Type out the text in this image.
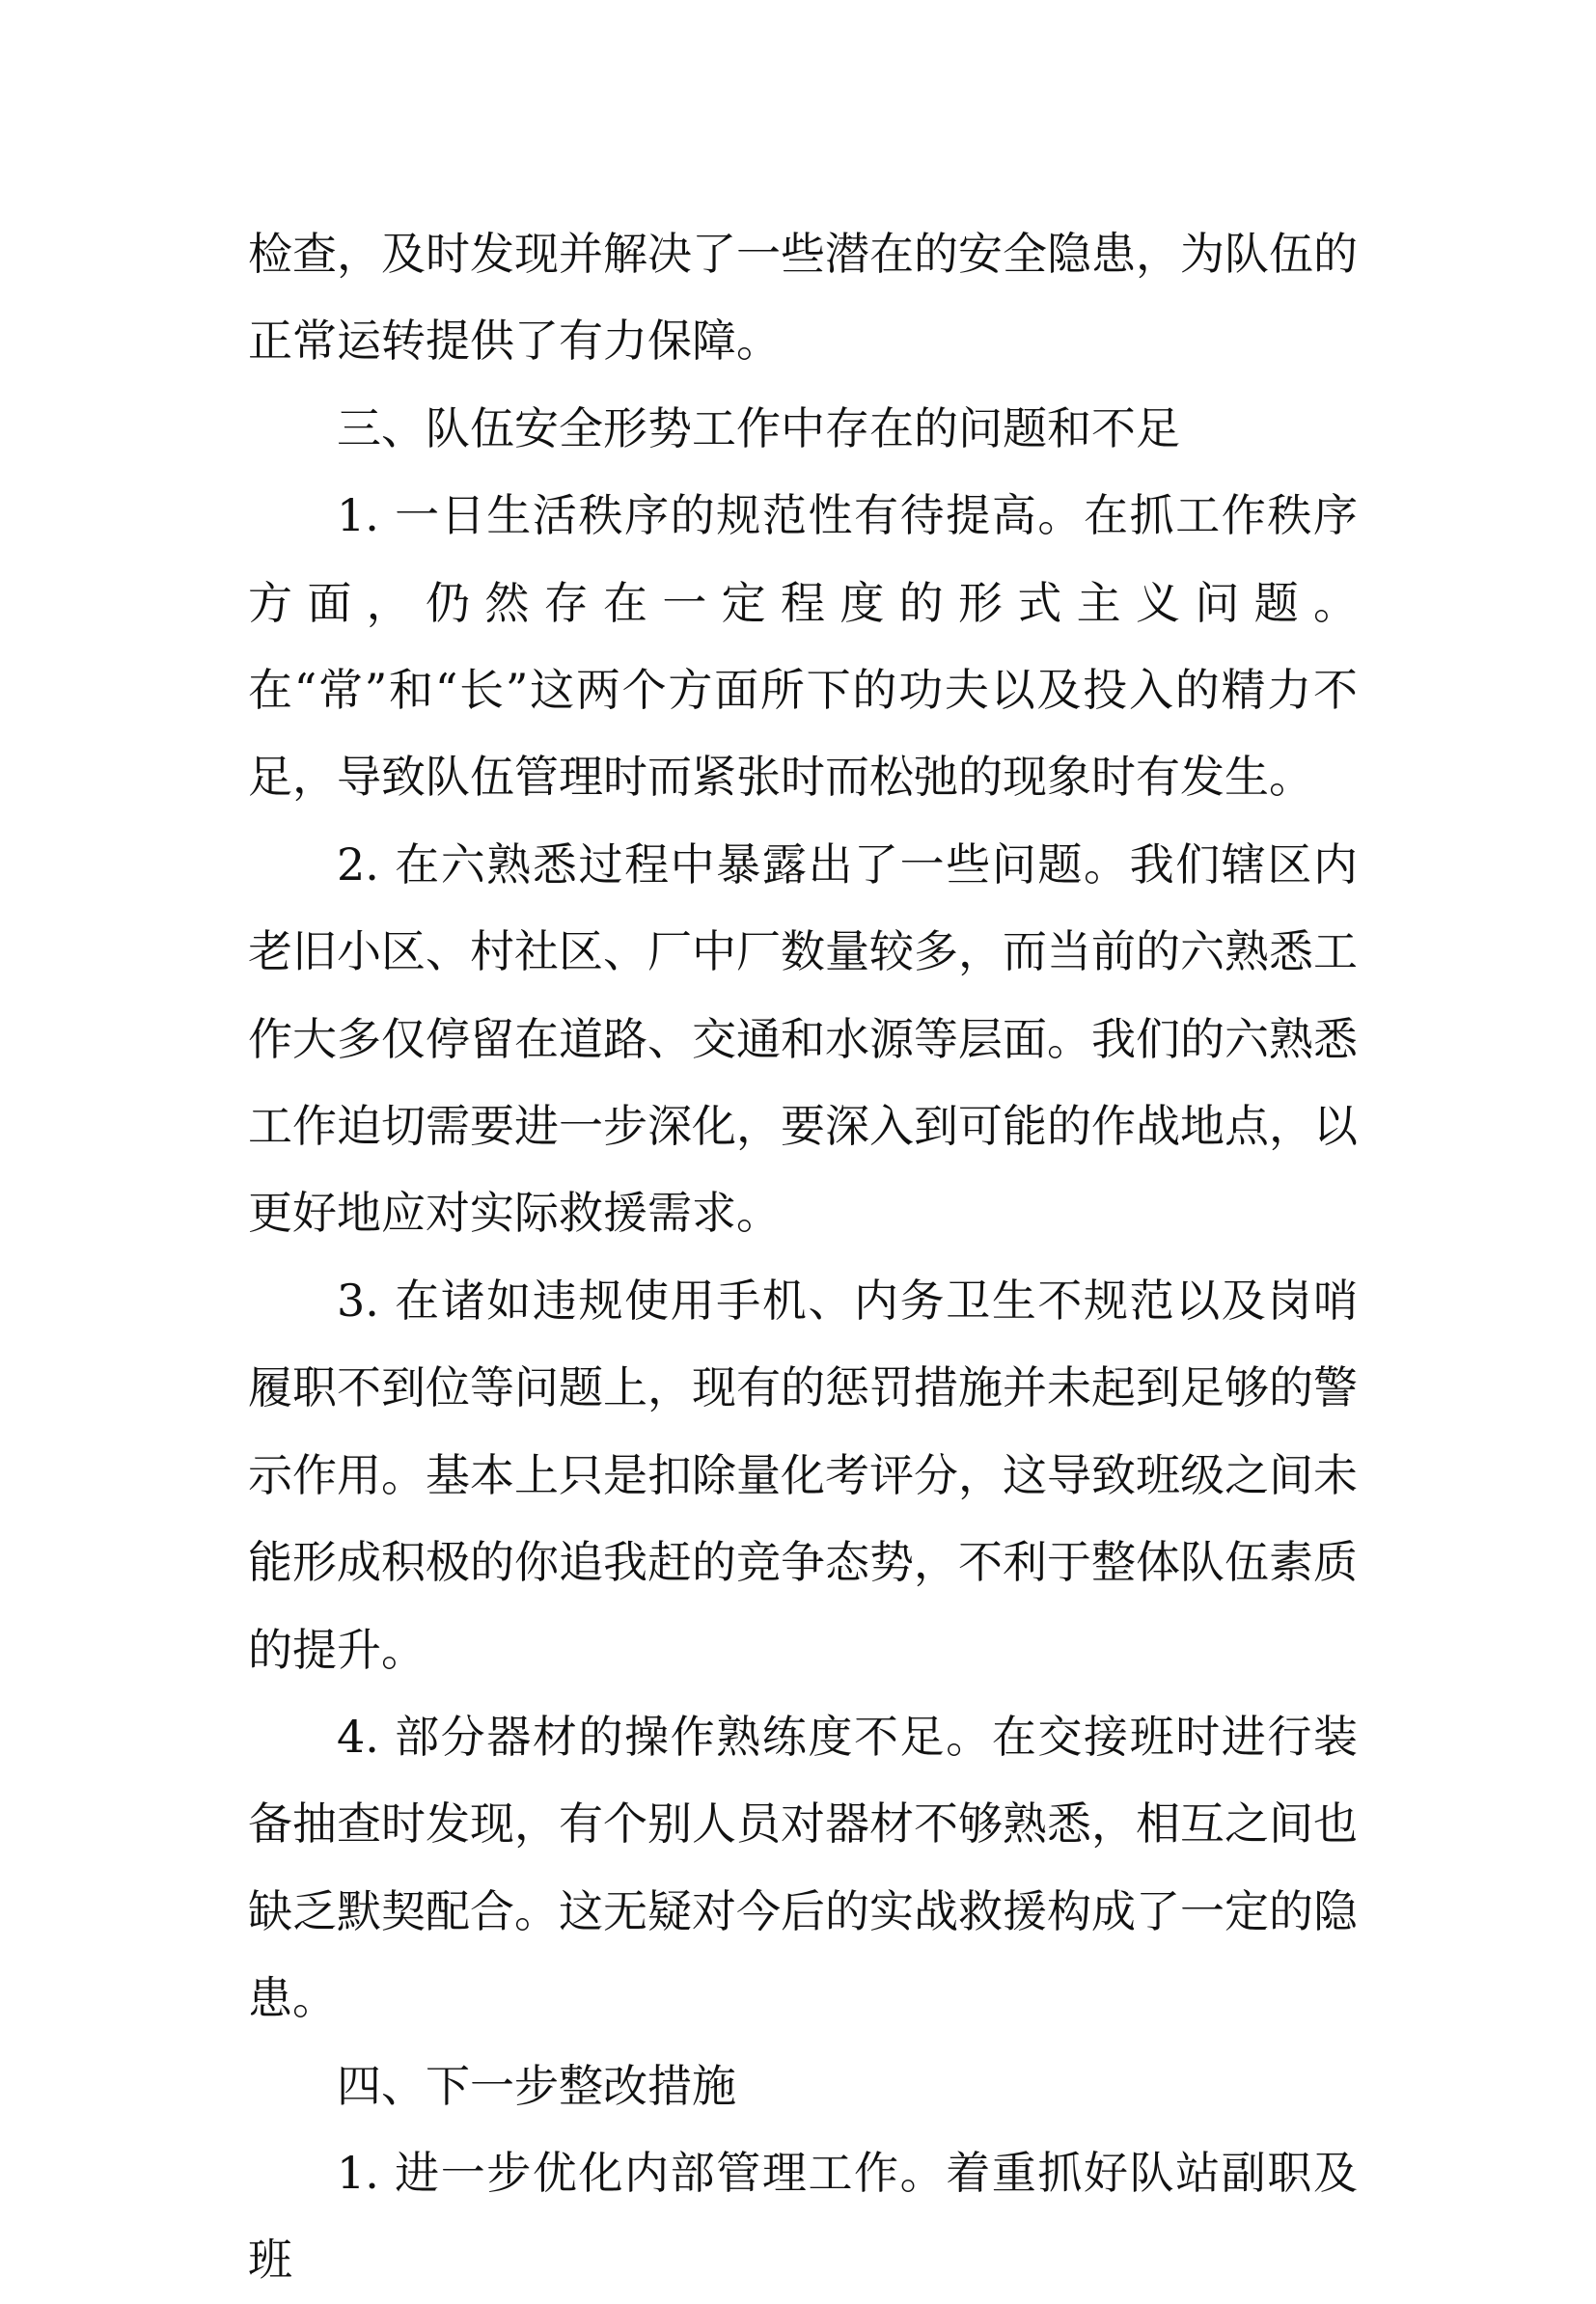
检查，及时发现并解决了一些潜在的安全隐患，为队伍的正常运转提供了有力保障。

三、队伍安全形势工作中存在的问题和不足

1. 一日生活秩序的规范性有待提高。在抓工作秩序方面，仍然存在一定程度的形式主义问题。在“常”和“长”这两个方面所下的功夫以及投入的精力不足，导致队伍管理时而紧张时而松弛的现象时有发生。

2. 在六熟悉过程中暴露出了一些问题。我们辖区内老旧小区、村社区、厂中厂数量较多，而当前的六熟悉工作大多仅停留在道路、交通和水源等层面。我们的六熟悉工作迫切需要进一步深化，要深入到可能的作战地点，以更好地应对实际救援需求。

3. 在诸如违规使用手机、内务卫生不规范以及岗哨履职不到位等问题上，现有的惩罚措施并未起到足够的警示作用。基本上只是扣除量化考评分，这导致班级之间未能形成积极的你追我赶的竞争态势，不利于整体队伍素质的提升。

4. 部分器材的操作熟练度不足。在交接班时进行装备抽查时发现，有个别人员对器材不够熟悉，相互之间也缺乏默契配合。这无疑对今后的实战救援构成了一定的隐患。

四、下一步整改措施

1. 进一步优化内部管理工作。着重抓好队站副职及班
